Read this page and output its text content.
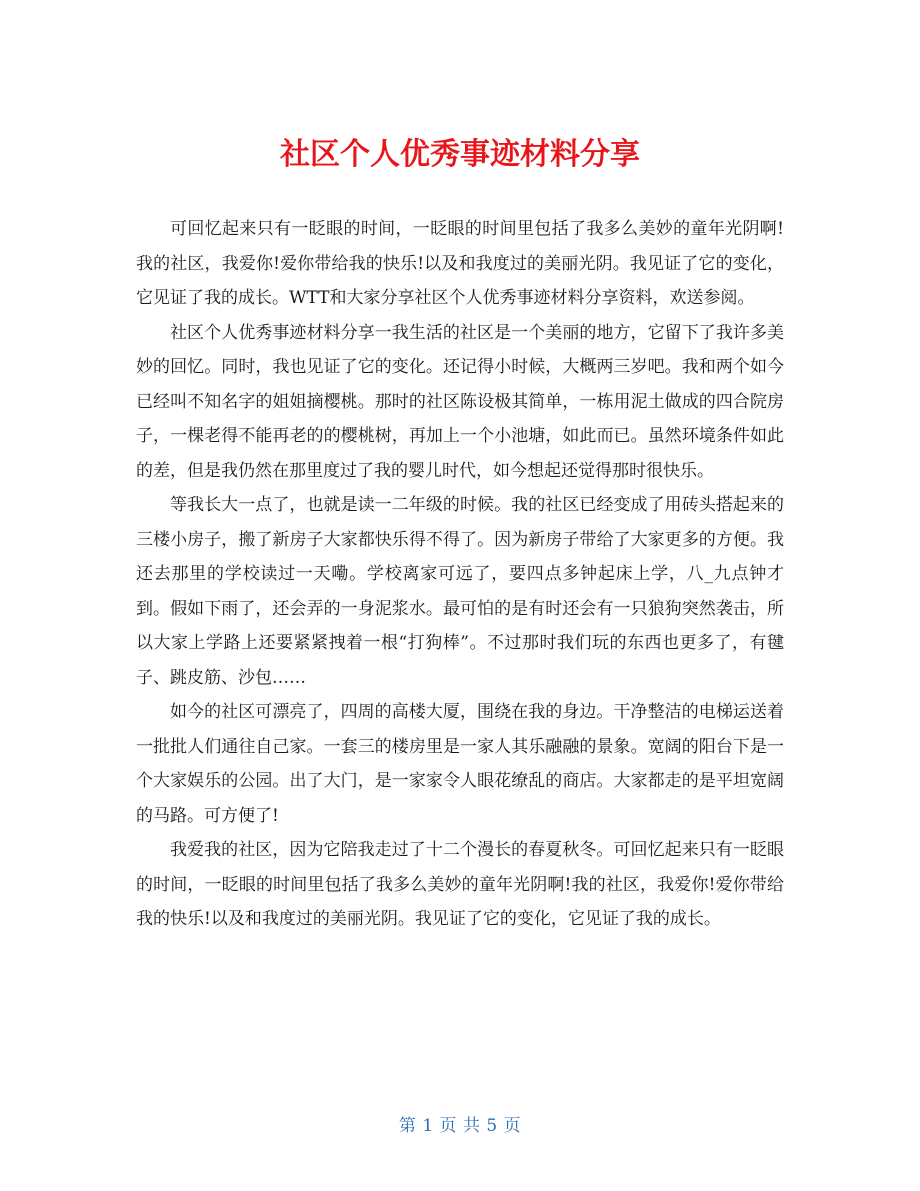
社区个人优秀事迹材料分享

可回忆起来只有一眨眼的时间，一眨眼的时间里包括了我多么美妙的童年光阴啊!我的社区，我爱你!爱你带给我的快乐!以及和我度过的美丽光阴。我见证了它的变化，它见证了我的成长。WTT和大家分享社区个人优秀事迹材料分享资料，欢送参阅。

社区个人优秀事迹材料分享一我生活的社区是一个美丽的地方，它留下了我许多美妙的回忆。同时，我也见证了它的变化。还记得小时候，大概两三岁吧。我和两个如今已经叫不知名字的姐姐摘樱桃。那时的社区陈设极其简单，一栋用泥土做成的四合院房子，一棵老得不能再老的的樱桃树，再加上一个小池塘，如此而已。虽然环境条件如此的差，但是我仍然在那里度过了我的婴儿时代，如今想起还觉得那时很快乐。

等我长大一点了，也就是读一二年级的时候。我的社区已经变成了用砖头搭起来的三楼小房子，搬了新房子大家都快乐得不得了。因为新房子带给了大家更多的方便。我还去那里的学校读过一天嘞。学校离家可远了，要四点多钟起床上学，八_九点钟才到。假如下雨了，还会弄的一身泥浆水。最可怕的是有时还会有一只狼狗突然袭击，所以大家上学路上还要紧紧拽着一根“打狗棒”。不过那时我们玩的东西也更多了，有毽子、跳皮筋、沙包……

如今的社区可漂亮了，四周的高楼大厦，围绕在我的身边。干净整洁的电梯运送着一批批人们通往自己家。一套三的楼房里是一家人其乐融融的景象。宽阔的阳台下是一个大家娱乐的公园。出了大门，是一家家令人眼花缭乱的商店。大家都走的是平坦宽阔的马路。可方便了!

我爱我的社区，因为它陪我走过了十二个漫长的春夏秋冬。可回忆起来只有一眨眼的时间，一眨眼的时间里包括了我多么美妙的童年光阴啊!我的社区，我爱你!爱你带给我的快乐!以及和我度过的美丽光阴。我见证了它的变化，它见证了我的成长。

第 1 页 共 5 页
